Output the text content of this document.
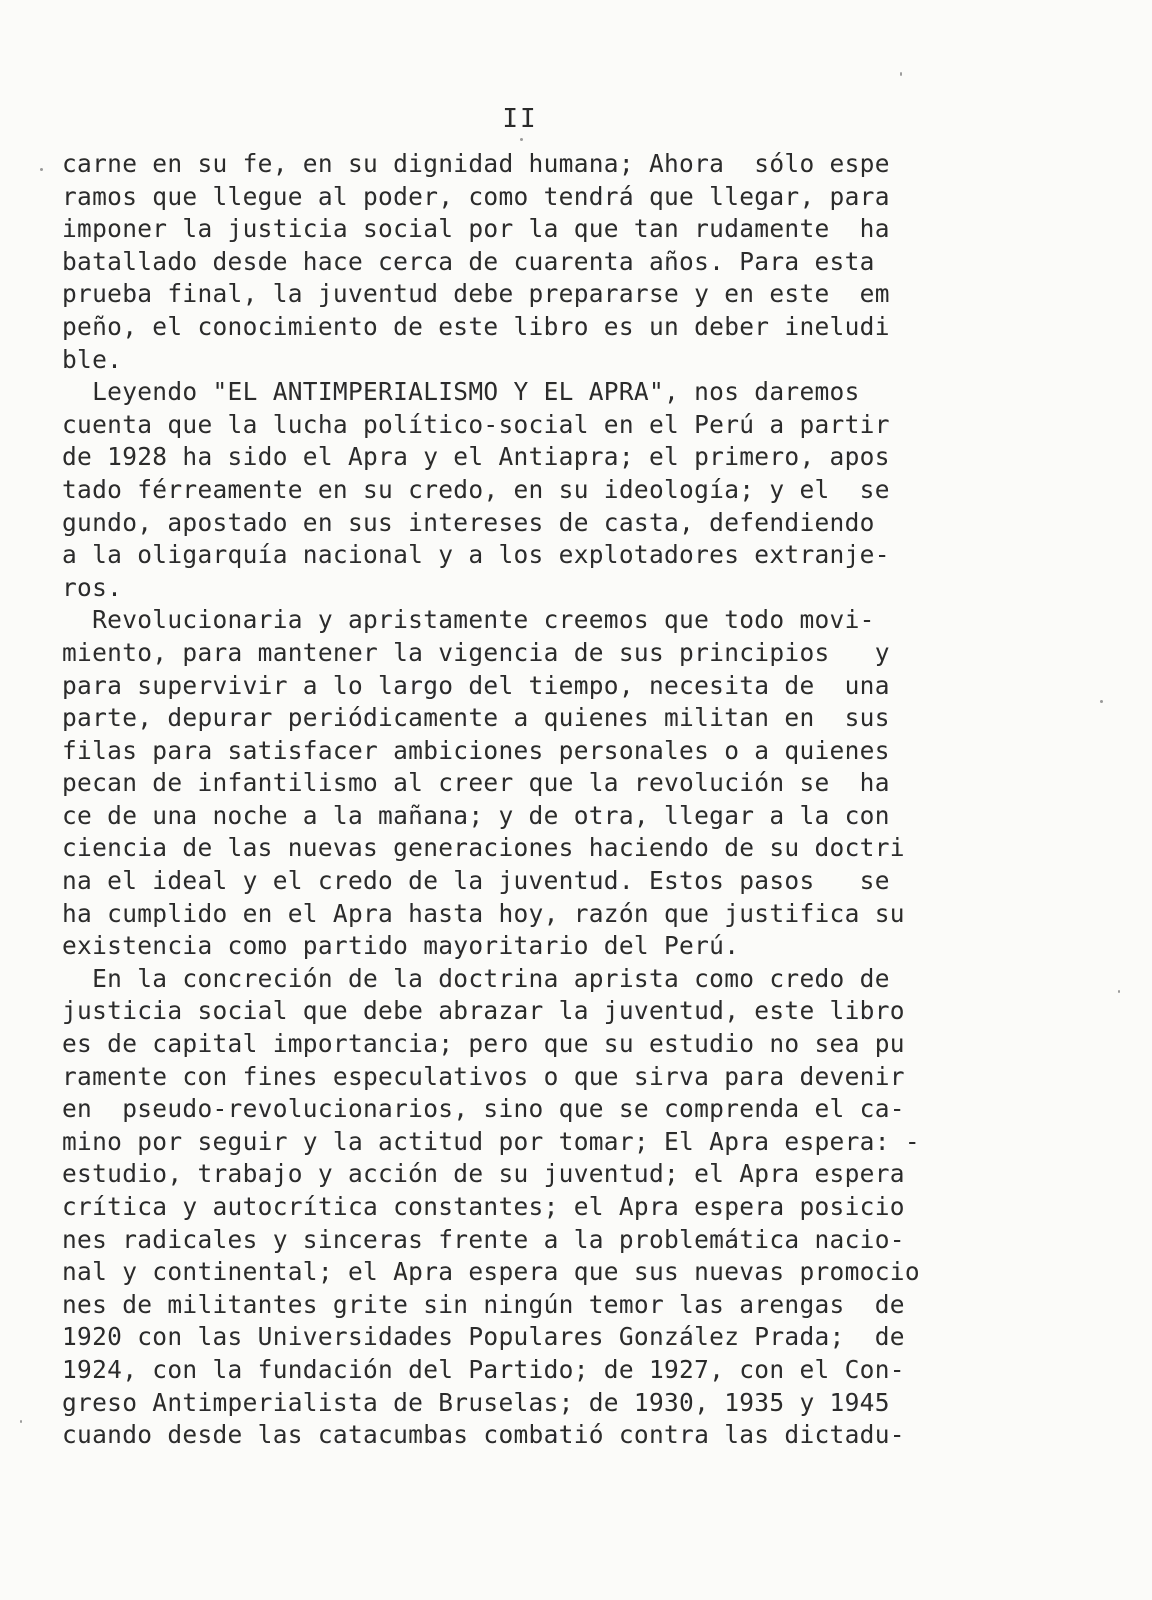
II
carne en su fe, en su dignidad humana; Ahora  sólo espe
ramos que llegue al poder, como tendrá que llegar, para
imponer la justicia social por la que tan rudamente  ha
batallado desde hace cerca de cuarenta años. Para esta
prueba final, la juventud debe prepararse y en este  em
peño, el conocimiento de este libro es un deber ineludi
ble.
Leyendo "EL ANTIMPERIALISMO Y EL APRA", nos daremos
cuenta que la lucha político-social en el Perú a partir
de 1928 ha sido el Apra y el Antiapra; el primero, apos
tado férreamente en su credo, en su ideología; y el  se
gundo, apostado en sus intereses de casta, defendiendo
a la oligarquía nacional y a los explotadores extranje-
ros.
Revolucionaria y apristamente creemos que todo movi-
miento, para mantener la vigencia de sus principios   y
para supervivir a lo largo del tiempo, necesita de  una
parte, depurar periódicamente a quienes militan en  sus
filas para satisfacer ambiciones personales o a quienes
pecan de infantilismo al creer que la revolución se  ha
ce de una noche a la mañana; y de otra, llegar a la con
ciencia de las nuevas generaciones haciendo de su doctri
na el ideal y el credo de la juventud. Estos pasos   se
ha cumplido en el Apra hasta hoy, razón que justifica su
existencia como partido mayoritario del Perú.
En la concreción de la doctrina aprista como credo de
justicia social que debe abrazar la juventud, este libro
es de capital importancia; pero que su estudio no sea pu
ramente con fines especulativos o que sirva para devenir
en  pseudo-revolucionarios, sino que se comprenda el ca-
mino por seguir y la actitud por tomar; El Apra espera: -
estudio, trabajo y acción de su juventud; el Apra espera
crítica y autocrítica constantes; el Apra espera posicio
nes radicales y sinceras frente a la problemática nacio-
nal y continental; el Apra espera que sus nuevas promocio
nes de militantes grite sin ningún temor las arengas  de
1920 con las Universidades Populares González Prada;  de
1924, con la fundación del Partido; de 1927, con el Con-
greso Antimperialista de Bruselas; de 1930, 1935 y 1945
cuando desde las catacumbas combatió contra las dictadu-
